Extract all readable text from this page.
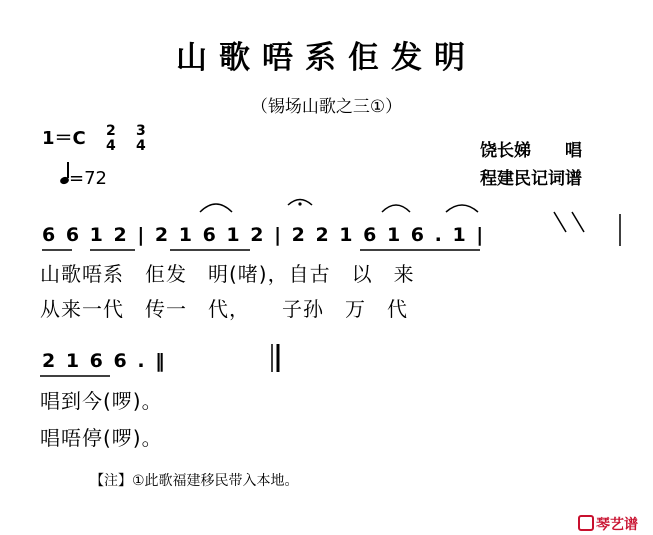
山歌唔系佢发明
（锡场山歌之三①）
1＝C 2
4

3
4
=72
饶长娣　　唱
程建民记词谱
6 6 1 2 | 2 1 6 1 2 | 2 2 1 6 1 6 . 1 |
山歌唔系　佢发　明(啫)，自古　以　来
从来一代　传一　代，　　子孙　万　代
2 1 6 6 . ‖
唱到今(啰)。
唱唔停(啰)。
【注】①此歌福建移民带入本地。
琴艺谱
